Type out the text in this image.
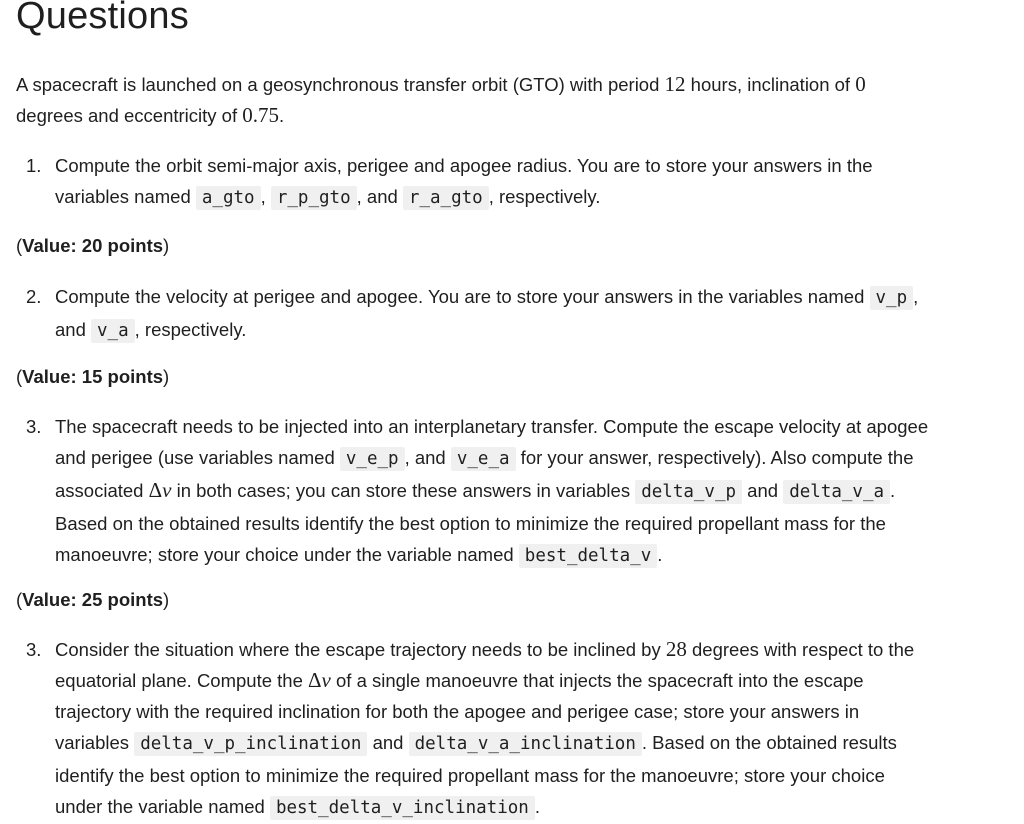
Questions

A spacecraft is launched on a geosynchronous transfer orbit (GTO) with period 12 hours, inclination of 0
degrees and eccentricity of 0.75.

1. Compute the orbit semi-major axis, perigee and apogee radius. You are to store your answers in the
variables named a_gto , r_p_gto , and r_a_gto , respectively.
(Value: 20 points)
2. Compute the velocity at perigee and apogee. You are to store your answers in the variables named v_p ,
and v_a , respectively.
(Value: 15 points)
3. The spacecraft needs to be injected into an interplanetary transfer. Compute the escape velocity at apogee
and perigee (use variables named v_e_p , and v_e_a for your answer, respectively). Also compute the
associated Δv in both cases; you can store these answers in variables delta_v_p and delta_v_a .
Based on the obtained results identify the best option to minimize the required propellant mass for the
manoeuvre; store your choice under the variable named best_delta_v .
(Value: 25 points)
3. Consider the situation where the escape trajectory needs to be inclined by 28 degrees with respect to the
equatorial plane. Compute the Δv of a single manoeuvre that injects the spacecraft into the escape
trajectory with the required inclination for both the apogee and perigee case; store your answers in
variables delta_v_p_inclination and delta_v_a_inclination . Based on the obtained results
identify the best option to minimize the required propellant mass for the manoeuvre; store your choice
under the variable named best_delta_v_inclination .
